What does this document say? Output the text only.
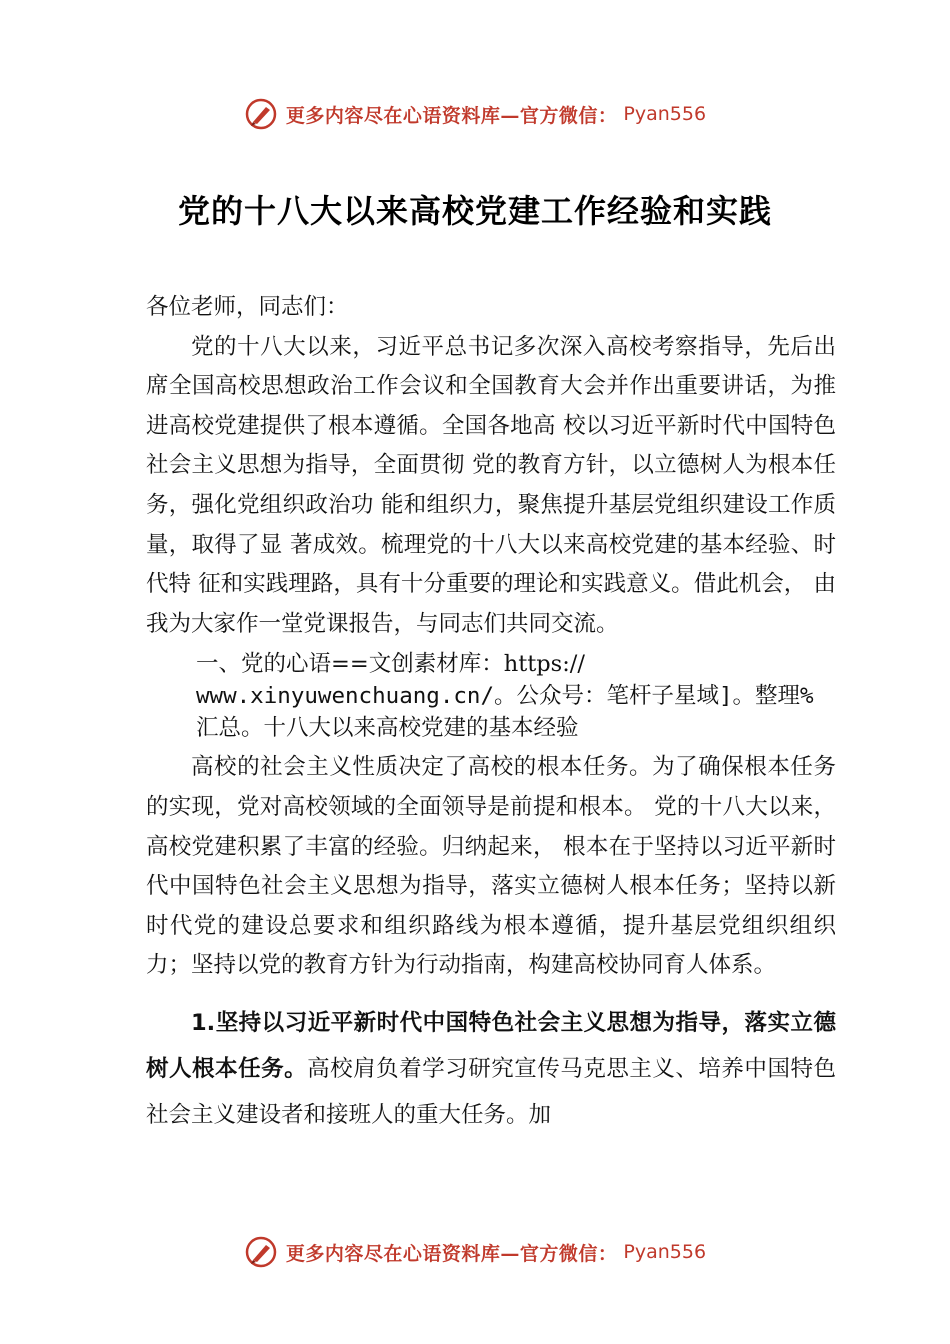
更多内容尽在心语资料库—官方微信： Pyan556
党的十八大以来高校党建工作经验和实践

各位老师，同志们：

党的十八大以来，习近平总书记多次深入高校考察指导，先后出席全国高校思想政治工作会议和全国教育大会并作出重要讲话，为推进高校党建提供了根本遵循。全国各地高 校以习近平新时代中国特色社会主义思想为指导，全面贯彻 党的教育方针，以立德树人为根本任务，强化党组织政治功 能和组织力，聚焦提升基层党组织建设工作质量，取得了显 著成效。梳理党的十八大以来高校党建的基本经验、时代特 征和实践理路，具有十分重要的理论和实践意义。借此机会， 由我为大家作一堂党课报告，与同志们共同交流。

一、党的心语==文创素材库：https://
www.xinyuwenchuang.cn/。公众号：笔杆子星域]。整理%
汇总。十八大以来高校党建的基本经验

高校的社会主义性质决定了高校的根本任务。为了确保根本任务的实现，党对高校领域的全面领导是前提和根本。 党的十八大以来，高校党建积累了丰富的经验。归纳起来， 根本在于坚持以习近平新时代中国特色社会主义思想为指导，落实立德树人根本任务；坚持以新时代党的建设总要求和组织路线为根本遵循，提升基层党组织组织力；坚持以党的教育方针为行动指南，构建高校协同育人体系。

1.坚持以习近平新时代中国特色社会主义思想为指导，落实立德树人根本任务。高校肩负着学习研究宣传马克思主义、培养中国特色社会主义建设者和接班人的重大任务。加

更多内容尽在心语资料库—官方微信： Pyan556
